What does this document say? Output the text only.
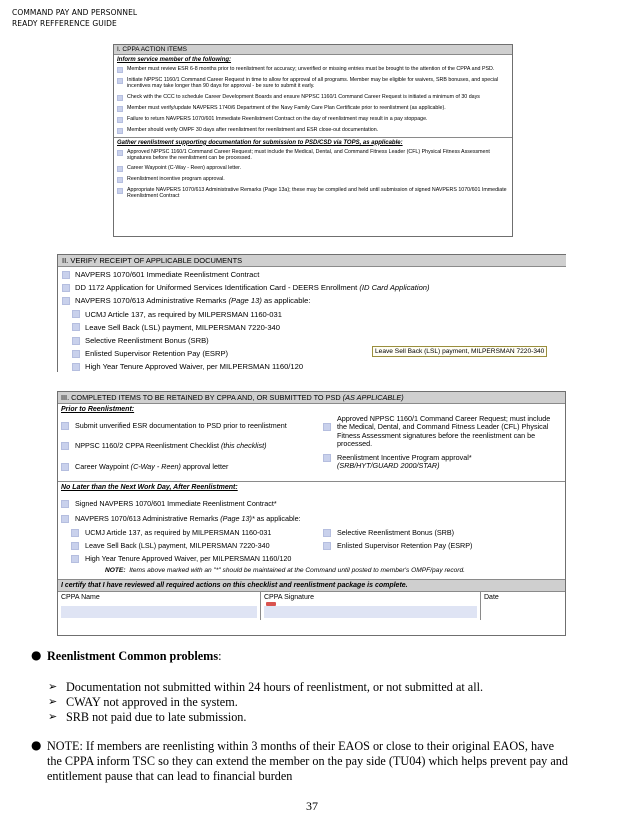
COMMAND PAY AND PERSONNEL
READY REFFERENCE GUIDE
I. CPPA ACTION ITEMS
Inform service member of the following:
Member must review ESR 6-8 months prior to reenlistment for accuracy; unverified or missing entries must be brought to the attention of the CPPA and PSD.
Initiate NPPSC 1160/1 Command Career Request in time to allow for approval of all programs. Member may be eligible for waivers, SRB bonuses, and special incentives may take longer than 90 days for approval - be sure to submit it early.
Check with the CCC to schedule Career Development Boards and ensure NPPSC 1160/1 Command Career Request is initiated a minimum of 30 days
Member must verify/update NAVPERS 1740/6 Department of the Navy Family Care Plan Certificate prior to reenlistment (as applicable).
Failure to return NAVPERS 1070/601 Immediate Reenlistment Contract on the day of reenlistment may result in a pay stoppage.
Member should verify OMPF 30 days after reenlistment for reenlistment and ESR close-out documentation.
Gather reenlistment supporting documentation for submission to PSD/CSD via TOPS, as applicable:
Approved NPPSC 1160/1 Command Career Request; must include the Medical, Dental, and Command Fitness Leader (CFL) Physical Fitness Assessment signatures before the reenlistment can be processed.
Career Waypoint (C-Way - Reen) approval letter.
Reenlistment incentive program approval.
Appropriate NAVPERS 1070/613 Administrative Remarks (Page 13a); these may be compiled and held until submission of signed NAVPERS 1070/601 Immediate Reenlistment Contract
II. VERIFY RECEIPT OF APPLICABLE DOCUMENTS
NAVPERS 1070/601 Immediate Reenlistment Contract
DD 1172 Application for Uniformed Services Identification Card - DEERS Enrollment
(ID Card Application)
NAVPERS 1070/613 Administrative Remarks
(Page 13)
as applicable:
UCMJ Article 137, as required by MILPERSMAN 1160-031
Leave Sell Back (LSL) payment, MILPERSMAN 7220-340
Selective Reenlistment Bonus (SRB)
Enlisted Supervisor Retention Pay (ESRP)
High Year Tenure Approved Waiver, per MILPERSMAN 1160/120
Leave Sell Back (LSL) payment, MILPERSMAN 7220-340
III. COMPLETED ITEMS TO BE RETAINED BY CPPA AND, OR SUBMITTED TO PSD (AS APPLICABLE)
Prior to Reenlistment:
Submit unverified ESR documentation to PSD prior to reenlistment
NPPSC 1160/2 CPPA Reenlistment Checklist
(this checklist)
Career Waypoint
(C-Way - Reen)
approval letter
Approved NPPSC 1160/1 Command Career Request; must include the Medical, Dental, and Command Fitness Leader (CFL) Physical Fitness Assessment signatures before the reenlistment can be processed.
Reenlistment Incentive Program approval*
(SRB/HYT/GUARD 2000/STAR)
No Later than the Next Work Day, After Reenlistment:
Signed NAVPERS 1070/601 Immediate Reenlistment Contract*
NAVPERS 1070/613 Administrative Remarks
(Page 13)*
as applicable:
UCMJ Article 137, as required by MILPERSMAN 1160-031
Leave Sell Back (LSL) payment, MILPERSMAN 7220-340
High Year Tenure Approved Waiver, per MILPERSMAN 1160/120
Selective Reenlistment Bonus (SRB)
Enlisted Supervisor Retention Pay (ESRP)
NOTE:
Items above marked with an "*" should be maintained at the Command until posted to member's OMPF/pay record.
I certify that I have reviewed all required actions on this checklist and reenlistment package is complete.
CPPA Name	CPPA Signature	Date
● Reenlistment Common problems:
➢ Documentation not submitted within 24 hours of reenlistment, or not submitted at all.
➢ CWAY not approved in the system.
➢ SRB not paid due to late submission.
● NOTE: If members are reenlisting within 3 months of their EAOS or close to their original EAOS, have
the CPPA inform TSC so they can extend the member on the pay side (TU04) which helps prevent pay and
entitlement pause that can lead to financial burden
37
